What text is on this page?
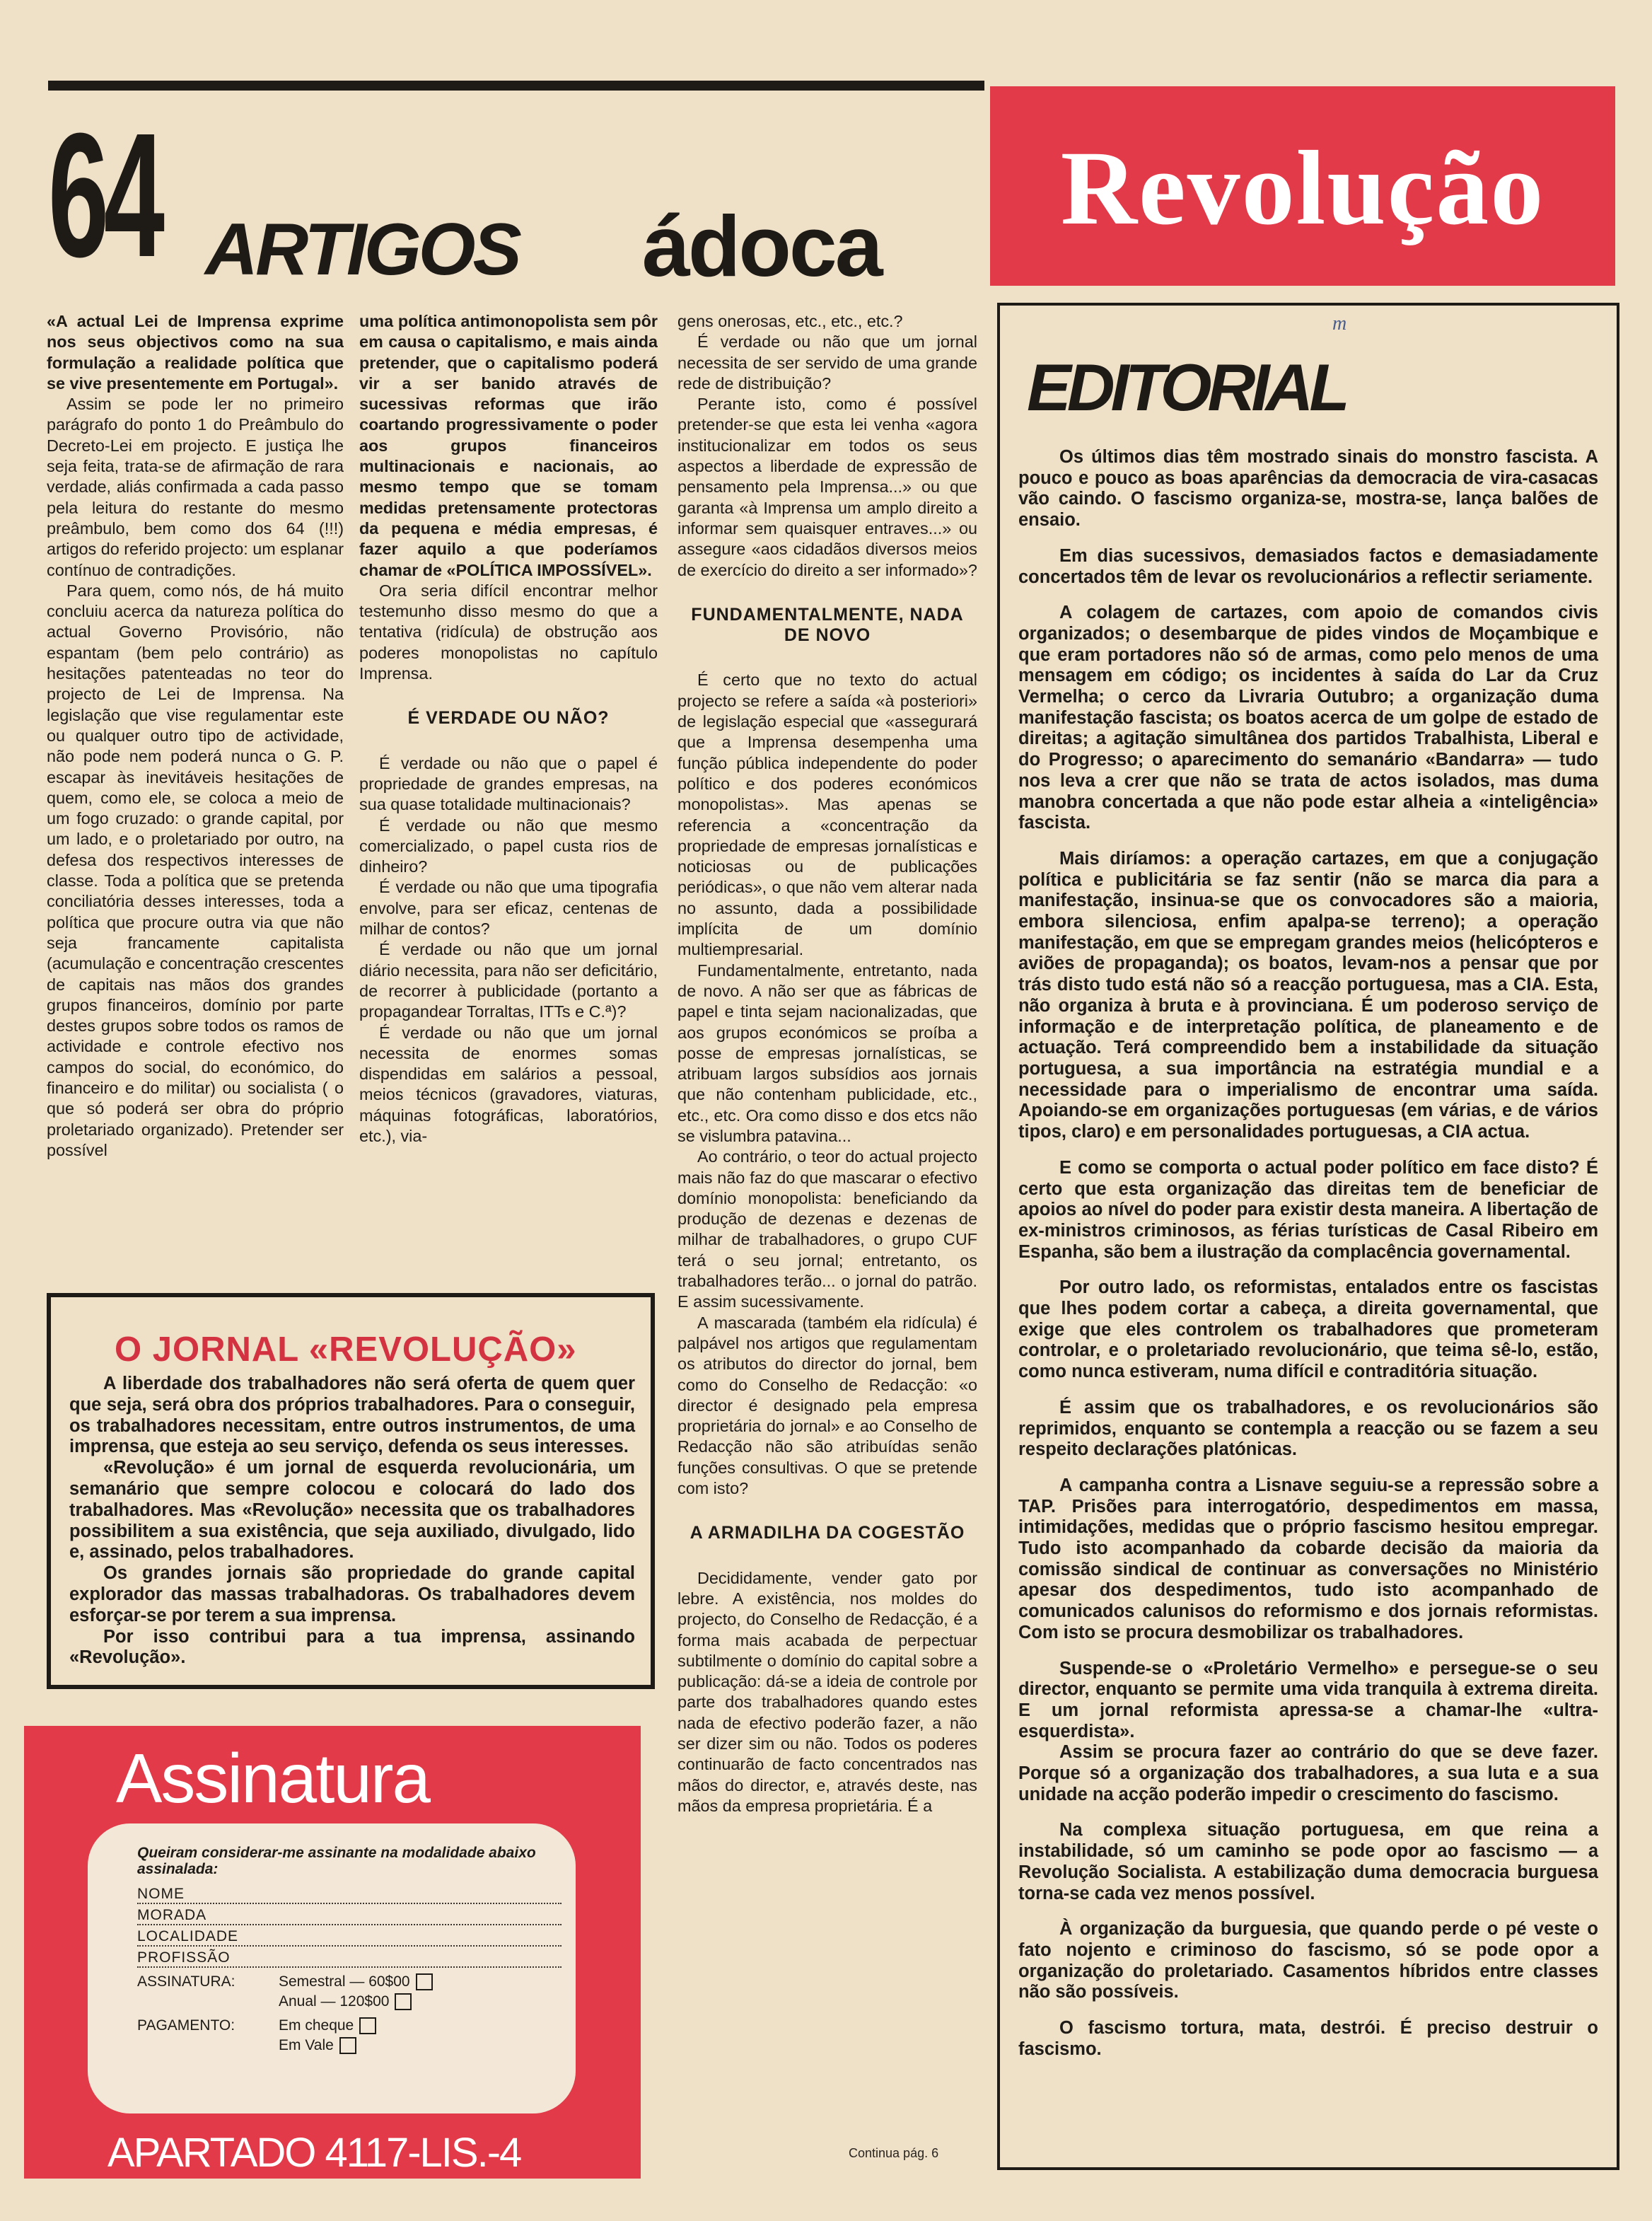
64 ARTIGOS ádoca	Revolução

«A actual Lei de Imprensa exprime nos seus objectivos como na sua formulação a realidade política que se vive presentemente em Portugal».

Assim se pode ler no primeiro parágrafo do ponto 1 do Preâmbulo do Decreto-Lei em projecto. E justiça lhe seja feita, trata-se de afirmação de rara verdade, aliás confirmada a cada passo pela leitura do restante do mesmo preâmbulo, bem como dos 64 (!!!) artigos do referido projecto: um esplanar contínuo de contradições.

Para quem, como nós, de há muito concluiu acerca da natureza política do actual Governo Provisório, não espantam (bem pelo contrário) as hesitações patenteadas no teor do projecto de Lei de Imprensa. Na legislação que vise regulamentar este ou qualquer outro tipo de actividade, não pode nem poderá nunca o G. P. escapar às inevitáveis hesitações de quem, como ele, se coloca a meio de um fogo cruzado: o grande capital, por um lado, e o proletariado por outro, na defesa dos respectivos interesses de classe. Toda a política que se pretenda conciliatória desses interesses, toda a política que procure outra via que não seja francamente capitalista (acumulação e concentração crescentes de capitais nas mãos dos grandes grupos financeiros, domínio por parte destes grupos sobre todos os ramos de actividade e controle efectivo nos campos do social, do económico, do financeiro e do militar) ou socialista ( o que só poderá ser obra do próprio proletariado organizado). Pretender ser possível

uma política antimonopolista sem pôr em causa o capitalismo, e mais ainda pretender, que o capitalismo poderá vir a ser banido através de sucessivas reformas que irão coartando progressivamente o poder aos grupos financeiros multinacionais e nacionais, ao mesmo tempo que se tomam medidas pretensamente protectoras da pequena e média empresas, é fazer aquilo a que poderíamos chamar de «POLÍTICA IMPOSSÍVEL».

Ora seria difícil encontrar melhor testemunho disso mesmo do que a tentativa (ridícula) de obstrução aos poderes monopolistas no capítulo Imprensa.

É VERDADE OU NÃO?

É verdade ou não que o papel é propriedade de grandes empresas, na sua quase totalidade multinacionais?

É verdade ou não que mesmo comercializado, o papel custa rios de dinheiro?

É verdade ou não que uma tipografia envolve, para ser eficaz, centenas de milhar de contos?

É verdade ou não que um jornal diário necessita, para não ser deficitário, de recorrer à publicidade (portanto a propagandear Torraltas, ITTs e C.ª)?

É verdade ou não que um jornal necessita de enormes somas dispendidas em salários a pessoal, meios técnicos (gravadores, viaturas, máquinas fotográficas, laboratórios, etc.), via-

gens onerosas, etc., etc., etc.?

É verdade ou não que um jornal necessita de ser servido de uma grande rede de distribuição?

Perante isto, como é possível pretender-se que esta lei venha «agora institucionalizar em todos os seus aspectos a liberdade de expressão de pensamento pela Imprensa...» ou que garanta «à Imprensa um amplo direito a informar sem quaisquer entraves...» ou assegure «aos cidadãos diversos meios de exercício do direito a ser informado»?

FUNDAMENTALMENTE, NADA DE NOVO

É certo que no texto do actual projecto se refere a saída «à posteriori» de legislação especial que «assegurará que a Imprensa desempenha uma função pública independente do poder político e dos poderes económicos monopolistas». Mas apenas se referencia a «concentração da propriedade de empresas jornalísticas e noticiosas ou de publicações periódicas», o que não vem alterar nada no assunto, dada a possibilidade implícita de um domínio multiempresarial.

Fundamentalmente, entretanto, nada de novo. A não ser que as fábricas de papel e tinta sejam nacionalizadas, que aos grupos económicos se proíba a posse de empresas jornalísticas, se atribuam largos subsídios aos jornais que não contenham publicidade, etc., etc., etc. Ora como disso e dos etcs não se vislumbra patavina...

Ao contrário, o teor do actual projecto mais não faz do que mascarar o efectivo domínio monopolista: beneficiando da produção de dezenas e dezenas de milhar de trabalhadores, o grupo CUF terá o seu jornal; entretanto, os trabalhadores terão... o jornal do patrão. E assim sucessivamente.

A mascarada (também ela ridícula) é palpável nos artigos que regulamentam os atributos do director do jornal, bem como do Conselho de Redacção: «o director é designado pela empresa proprietária do jornal» e ao Conselho de Redacção não são atribuídas senão funções consultivas. O que se pretende com isto?

A ARMADILHA DA COGESTÃO

Decididamente, vender gato por lebre. A existência, nos moldes do projecto, do Conselho de Redacção, é a forma mais acabada de perpectuar subtilmente o domínio do capital sobre a publicação: dá-se a ideia de controle por parte dos trabalhadores quando estes nada de efectivo poderão fazer, a não ser dizer sim ou não. Todos os poderes continuarão de facto concentrados nas mãos do director, e, através deste, nas mãos da empresa proprietária. É a

Continua pág. 6
O JORNAL «REVOLUÇÃO»

A liberdade dos trabalhadores não será oferta de quem quer que seja, será obra dos próprios trabalhadores. Para o conseguir, os trabalhadores necessitam, entre outros instrumentos, de uma imprensa, que esteja ao seu serviço, defenda os seus interesses.

«Revolução» é um jornal de esquerda revolucionária, um semanário que sempre colocou e colocará do lado dos trabalhadores. Mas «Revolução» necessita que os trabalhadores possibilitem a sua existência, que seja auxiliado, divulgado, lido e, assinado, pelos trabalhadores.

Os grandes jornais são propriedade do grande capital explorador das massas trabalhadoras. Os trabalhadores devem esforçar-se por terem a sua imprensa.

Por isso contribui para a tua imprensa, assinando «Revolução».

Assinatura
Queiram considerar-me assinante na modalidade abaixo assinalada:
NOME
MORADA
LOCALIDADE
PROFISSÃO
ASSINATURA:	Semestral — 60$00
Anual — 120$00
PAGAMENTO:	Em cheque
Em Vale
APARTADO 4117-LIS.-4
m
EDITORIAL

Os últimos dias têm mostrado sinais do monstro fascista. A pouco e pouco as boas aparências da democracia de vira-casacas vão caindo. O fascismo organiza-se, mostra-se, lança balões de ensaio.

Em dias sucessivos, demasiados factos e demasiadamente concertados têm de levar os revolucionários a reflectir seriamente.

A colagem de cartazes, com apoio de comandos civis organizados; o desembarque de pides vindos de Moçambique e que eram portadores não só de armas, como pelo menos de uma mensagem em código; os incidentes à saída do Lar da Cruz Vermelha; o cerco da Livraria Outubro; a organização duma manifestação fascista; os boatos acerca de um golpe de estado de direitas; a agitação simultânea dos partidos Trabalhista, Liberal e do Progresso; o aparecimento do semanário «Bandarra» — tudo nos leva a crer que não se trata de actos isolados, mas duma manobra concertada a que não pode estar alheia a «inteligência» fascista.

Mais diríamos: a operação cartazes, em que a conjugação política e publicitária se faz sentir (não se marca dia para a manifestação, insinua-se que os convocadores são a maioria, embora silenciosa, enfim apalpa-se terreno); a operação manifestação, em que se empregam grandes meios (helicópteros e aviões de propaganda); os boatos, levam-nos a pensar que por trás disto tudo está não só a reacção portuguesa, mas a CIA. Esta, não organiza à bruta e à provinciana. É um poderoso serviço de informação e de interpretação política, de planeamento e de actuação. Terá compreendido bem a instabilidade da situação portuguesa, a sua importância na estratégia mundial e a necessidade para o imperialismo de encontrar uma saída. Apoiando-se em organizações portuguesas (em várias, e de vários tipos, claro) e em personalidades portuguesas, a CIA actua.

E como se comporta o actual poder político em face disto? É certo que esta organização das direitas tem de beneficiar de apoios ao nível do poder para existir desta maneira. A libertação de ex-ministros criminosos, as férias turísticas de Casal Ribeiro em Espanha, são bem a ilustração da complacência governamental.

Por outro lado, os reformistas, entalados entre os fascistas que lhes podem cortar a cabeça, a direita governamental, que exige que eles controlem os trabalhadores que prometeram controlar, e o proletariado revolucionário, que teima sê-lo, estão, como nunca estiveram, numa difícil e contraditória situação.

É assim que os trabalhadores, e os revolucionários são reprimidos, enquanto se contempla a reacção ou se fazem a seu respeito declarações platónicas.

A campanha contra a Lisnave seguiu-se a repressão sobre a TAP. Prisões para interrogatório, despedimentos em massa, intimidações, medidas que o próprio fascismo hesitou empregar. Tudo isto acompanhado da cobarde decisão da maioria da comissão sindical de continuar as conversações no Ministério apesar dos despedimentos, tudo isto acompanhado de comunicados calunisos do reformismo e dos jornais reformistas. Com isto se procura desmobilizar os trabalhadores.

Suspende-se o «Proletário Vermelho» e persegue-se o seu director, enquanto se permite uma vida tranquila à extrema direita. E um jornal reformista apressa-se a chamar-lhe «ultra-esquerdista».

Assim se procura fazer ao contrário do que se deve fazer. Porque só a organização dos trabalhadores, a sua luta e a sua unidade na acção poderão impedir o crescimento do fascismo.

Na complexa situação portuguesa, em que reina a instabilidade, só um caminho se pode opor ao fascismo — a Revolução Socialista. A estabilização duma democracia burguesa torna-se cada vez menos possível.

À organização da burguesia, que quando perde o pé veste o fato nojento e criminoso do fascismo, só se pode opor a organização do proletariado. Casamentos híbridos entre classes não são possíveis.

O fascismo tortura, mata, destrói. É preciso destruir o fascismo.
